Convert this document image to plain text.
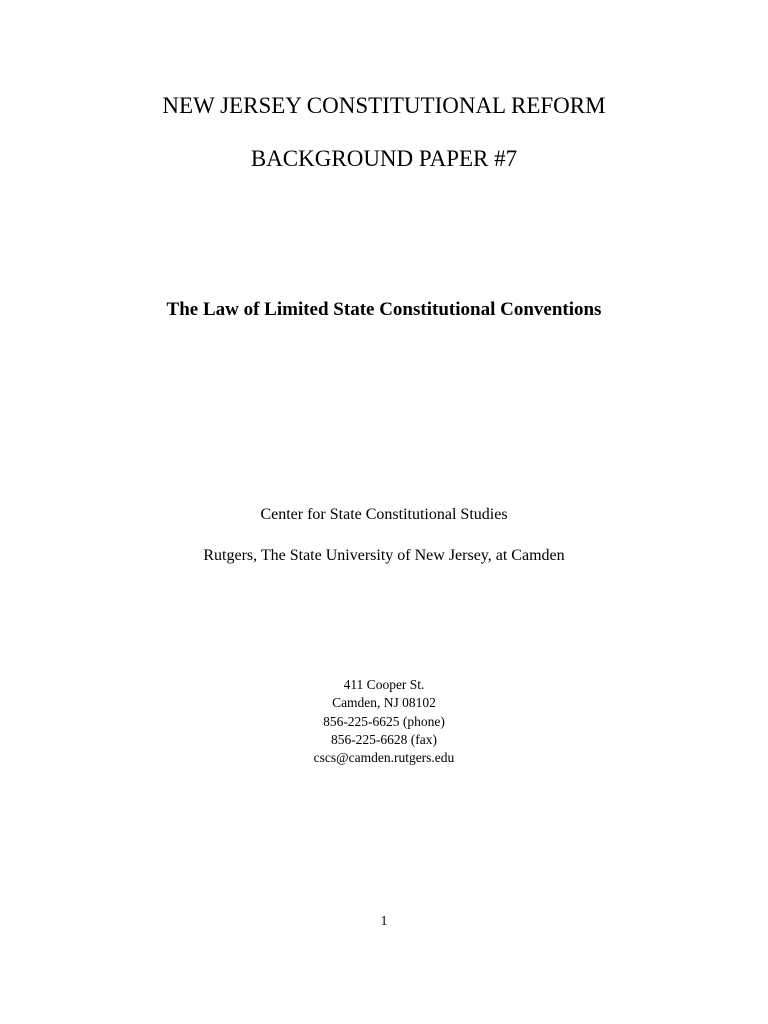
NEW JERSEY CONSTITUTIONAL REFORM
BACKGROUND PAPER #7
The Law of Limited State Constitutional Conventions
Center for State Constitutional Studies
Rutgers, The State University of New Jersey, at Camden
411 Cooper St.
Camden, NJ 08102
856-225-6625 (phone)
856-225-6628 (fax)
cscs@camden.rutgers.edu
1
